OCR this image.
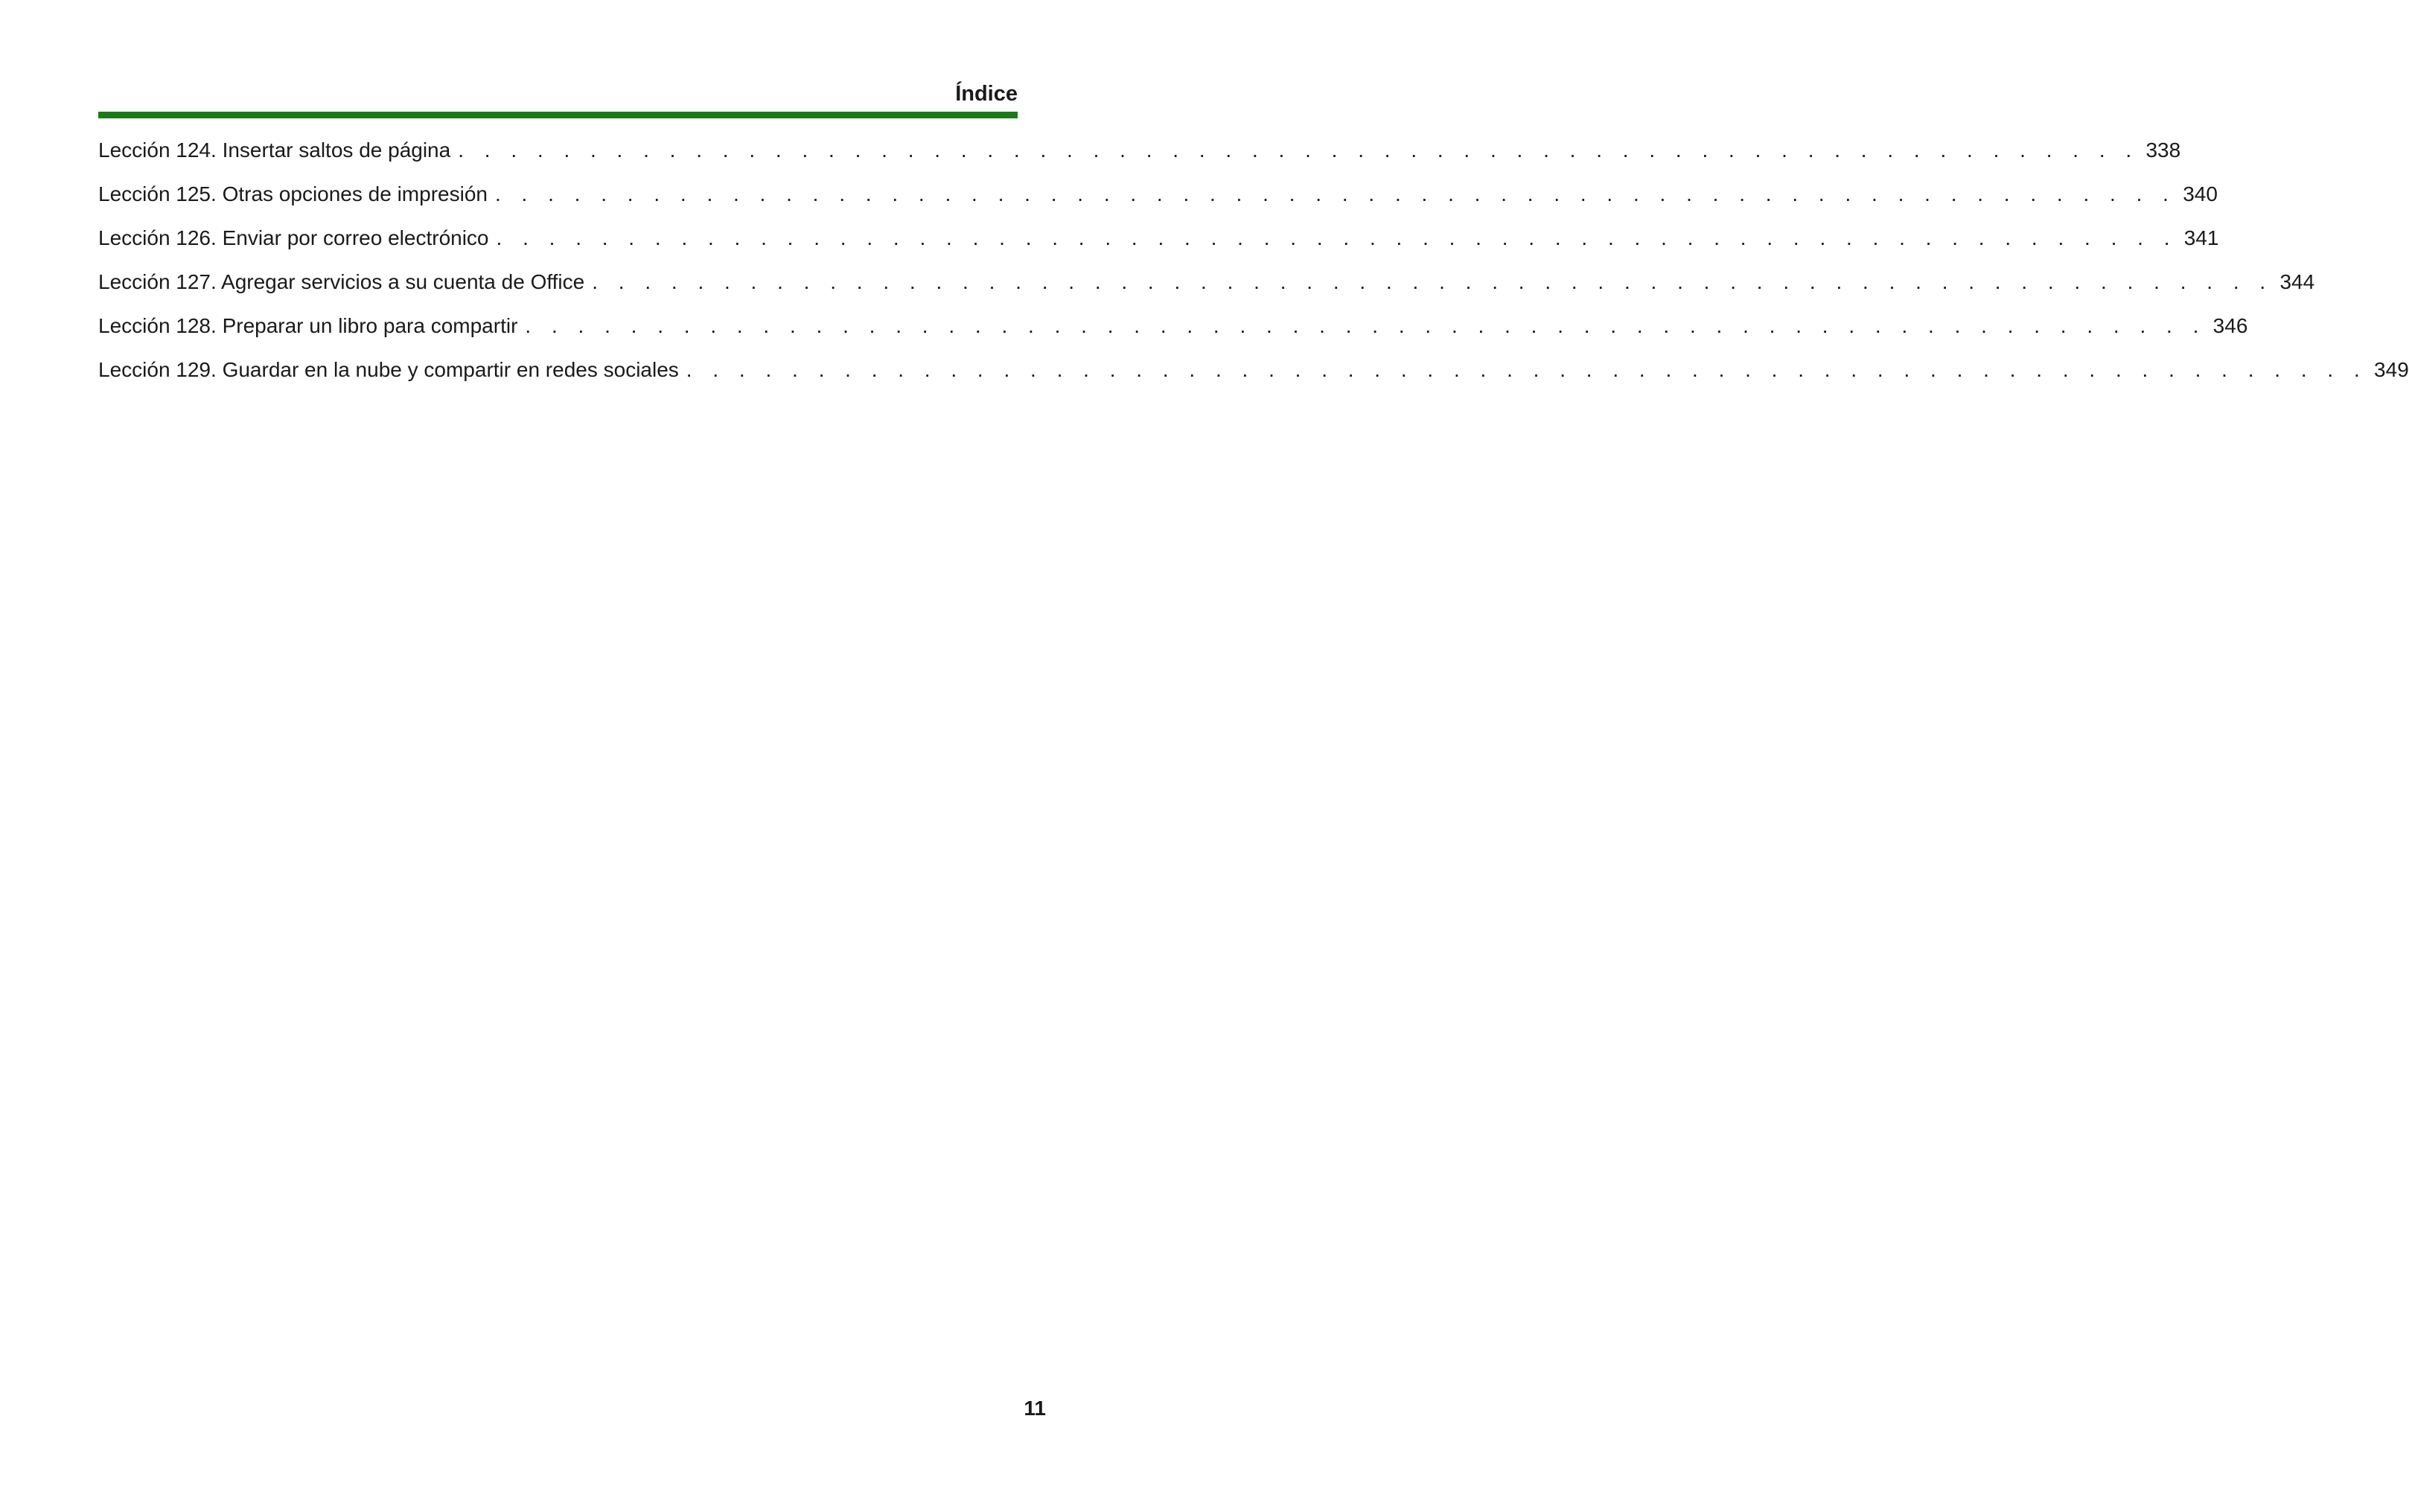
Índice
Lección 124. Insertar saltos de página . . . . . . . . . . . . . . . . . . . . . . . . . . . . . . . . . . . . . . . . . . . . . . . . . . . . . . . . . . . . . . . . 338
Lección 125. Otras opciones de impresión . . . . . . . . . . . . . . . . . . . . . . . . . . . . . . . . . . . . . . . . . . . . . . . . . . . . . . . . . . . . . . . . 340
Lección 126. Enviar por correo electrónico . . . . . . . . . . . . . . . . . . . . . . . . . . . . . . . . . . . . . . . . . . . . . . . . . . . . . . . . . . . . . . . . 341
Lección 127. Agregar servicios a su cuenta de Office . . . . . . . . . . . . . . . . . . . . . . . . . . . . . . . . . . . . . . . . . . . . . . . . . . . . . . . . . . . . . . . . 344
Lección 128. Preparar un libro para compartir . . . . . . . . . . . . . . . . . . . . . . . . . . . . . . . . . . . . . . . . . . . . . . . . . . . . . . . . . . . . . . . . 346
Lección 129. Guardar en la nube y compartir en redes sociales . . . . . . . . . . . . . . . . . . . . . . . . . . . . . . . . . . . . . . . . . . . . . . . . . . . . . . . . . . . . . . . . 349
11
